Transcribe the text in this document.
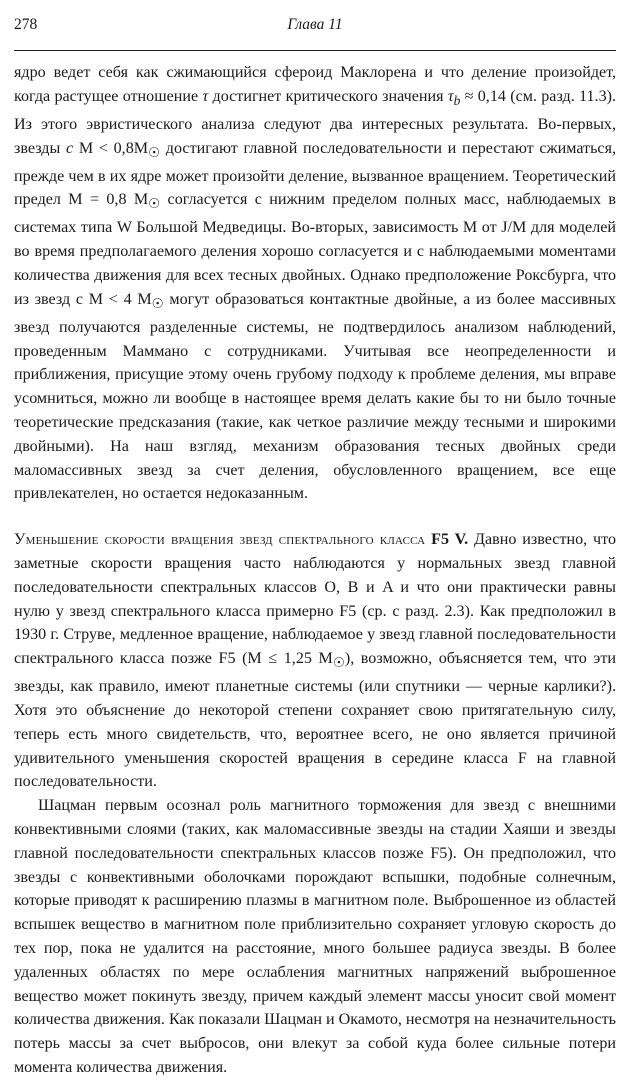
278	Глава 11

ядро ведет себя как сжимающийся сфероид Маклорена и что деление произойдет, когда растущее отношение τ достигнет критического значения $\tau_b \approx 0,14$ (см. разд. 11.3). Из этого эвристического анализа следуют два интересных результата. Во-первых, звезды с $M < 0,8M_☉$ достигают главной последовательности и перестают сжиматься, прежде чем в их ядре может произойти деление, вызванное вращением. Теоретический предел M = 0,8 $M_☉$ согласуется с нижним пределом полных масс, наблюдаемых в системах типа W Большой Медведицы. Во-вторых, зависимость M от J/M для моделей во время предполагаемого деления хорошо согласуется и с наблюдаемыми моментами количества движения для всех тесных двойных. Однако предположение Роксбурга, что из звезд с M < 4 $M_☉$ могут образоваться контактные двойные, а из более массивных звезд получаются разделенные системы, не подтвердилось анализом наблюдений, проведенным Маммано с сотрудниками. Учитывая все неопределенности и приближения, присущие этому очень грубому подходу к проблеме деления, мы вправе усомниться, можно ли вообще в настоящее время делать какие бы то ни было точные теоретические предсказания (такие, как четкое различие между тесными и широкими двойными). На наш взгляд, механизм образования тесных двойных среди маломассивных звезд за счет деления, обусловленного вращением, все еще привлекателен, но остается недоказанным.

Уменьшение скорости вращения звезд спектрального класса F5 V. Давно известно, что заметные скорости вращения часто наблюдаются у нормальных звезд главной последовательности спектральных классов O, B и A и что они практически равны нулю у звезд спектрального класса примерно F5 (ср. с разд. 2.3). Как предположил в 1930 г. Струве, медленное вращение, наблюдаемое у звезд главной последовательности спектрального класса позже F5 (M ≤ 1,25 $M_☉$), возможно, объясняется тем, что эти звезды, как правило, имеют планетные системы (или спутники — черные карлики?). Хотя это объяснение до некоторой степени сохраняет свою притягательную силу, теперь есть много свидетельств, что, вероятнее всего, не оно является причиной удивительного уменьшения скоростей вращения в середине класса F на главной последовательности.

Шацман первым осознал роль магнитного торможения для звезд с внешними конвективными слоями (таких, как маломассивные звезды на стадии Хаяши и звезды главной последовательности спектральных классов позже F5). Он предположил, что звезды с конвективными оболочками порождают вспышки, подобные солнечным, которые приводят к расширению плазмы в магнитном поле. Выброшенное из областей вспышек вещество в магнитном поле приблизительно сохраняет угловую скорость до тех пор, пока не удалится на расстояние, много большее радиуса звезды. В более удаленных областях по мере ослабления магнитных напряжений выброшенное вещество может покинуть звезду, причем каждый элемент массы уносит свой момент количества движения. Как показали Шацман и Окамото, несмотря на незначительность потерь массы за счет выбросов, они влекут за собой куда более сильные потери момента количества движения.
